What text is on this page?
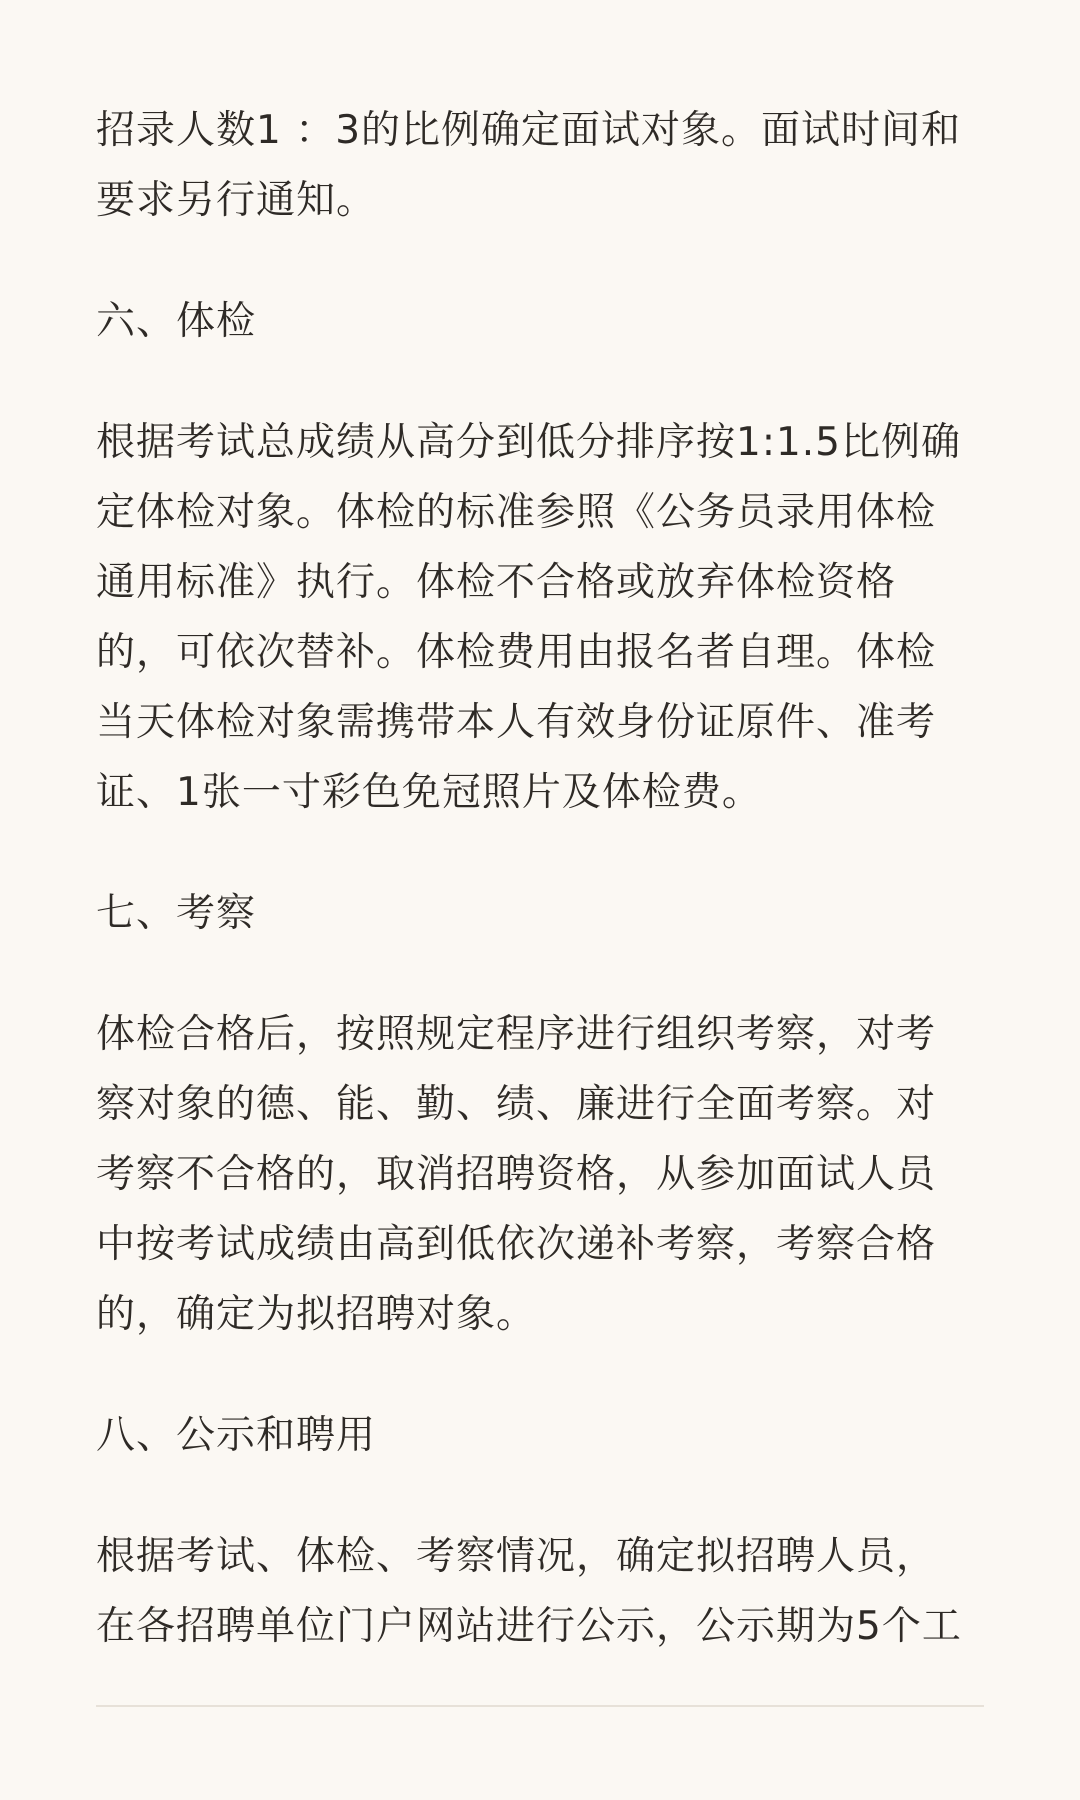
招录人数1 ：3的比例确定面试对象。面试时间和
要求另行通知。
六、体检
根据考试总成绩从高分到低分排序按1:1.5比例确
定体检对象。体检的标准参照《公务员录用体检
通用标准》执行。体检不合格或放弃体检资格
的，可依次替补。体检费用由报名者自理。体检
当天体检对象需携带本人有效身份证原件、准考
证、1张一寸彩色免冠照片及体检费。
七、考察
体检合格后，按照规定程序进行组织考察，对考
察对象的德、能、勤、绩、廉进行全面考察。对
考察不合格的，取消招聘资格，从参加面试人员
中按考试成绩由高到低依次递补考察，考察合格
的，确定为拟招聘对象。
八、公示和聘用
根据考试、体检、考察情况，确定拟招聘人员，
在各招聘单位门户网站进行公示，公示期为5个工
